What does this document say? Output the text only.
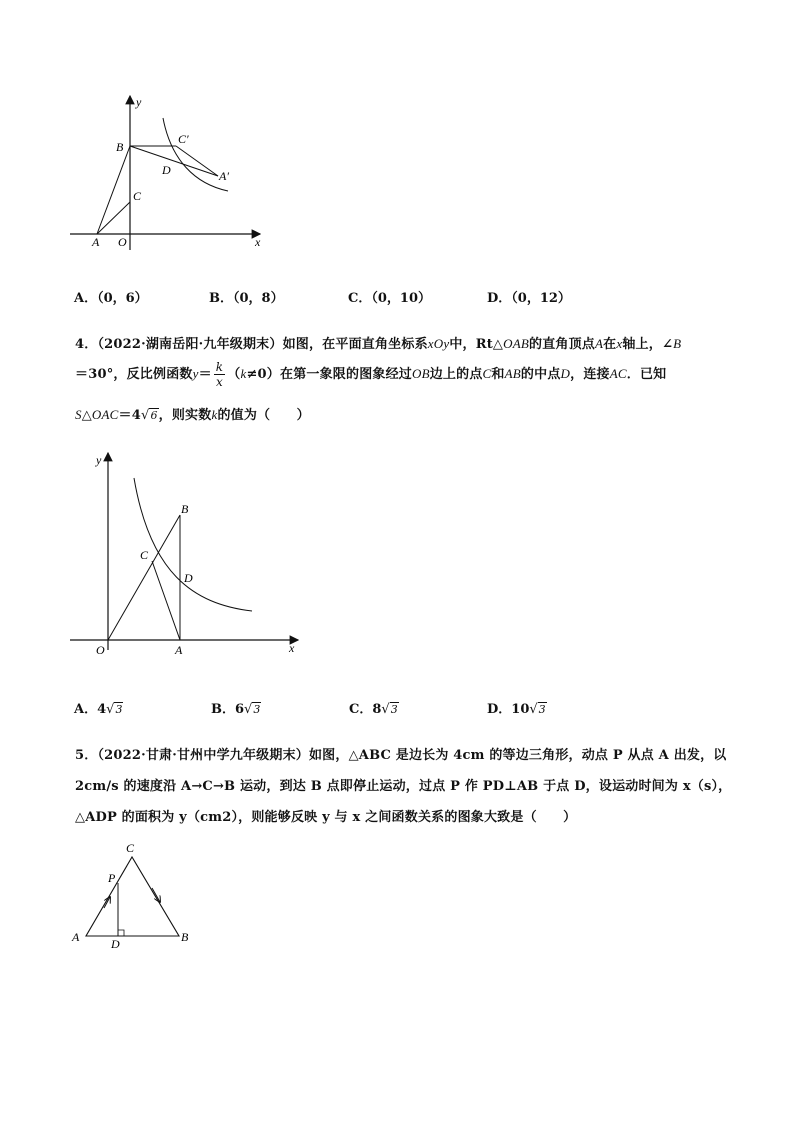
y
x
B
C′
C
D	A′
A O
A．（0，6）	B．（0，8）	C．（0，10）	D．（0，12）
4．（2022·湖南岳阳·九年级期末）如图，在平面直角坐标系xOy中，Rt△OAB的直角顶点A在x轴上，∠B
＝30°，反比例函数$y= \frac{k}{x} (k\ne 0)$在第一象限的图象经过OB边上的点C和AB的中点D，连接AC．已知
S△OAC＝4√6，则实数k的值为（　　）
y
x
B
C
D
O	A
A．4√3	B．6√3	C．8√3	D．10√3
5．（2022·甘肃·甘州中学九年级期末）如图，△ABC 是边长为 4cm 的等边三角形，动点 P 从点 A 出发，以
2cm/s 的速度沿 A→C→B 运动，到达 B 点即停止运动，过点 P 作 PD⊥AB 于点 D，设运动时间为 x（s），
△ADP 的面积为 y（cm2），则能够反映 y 与 x 之间函数关系的图象大致是（　　）
C
P
A	D	B
